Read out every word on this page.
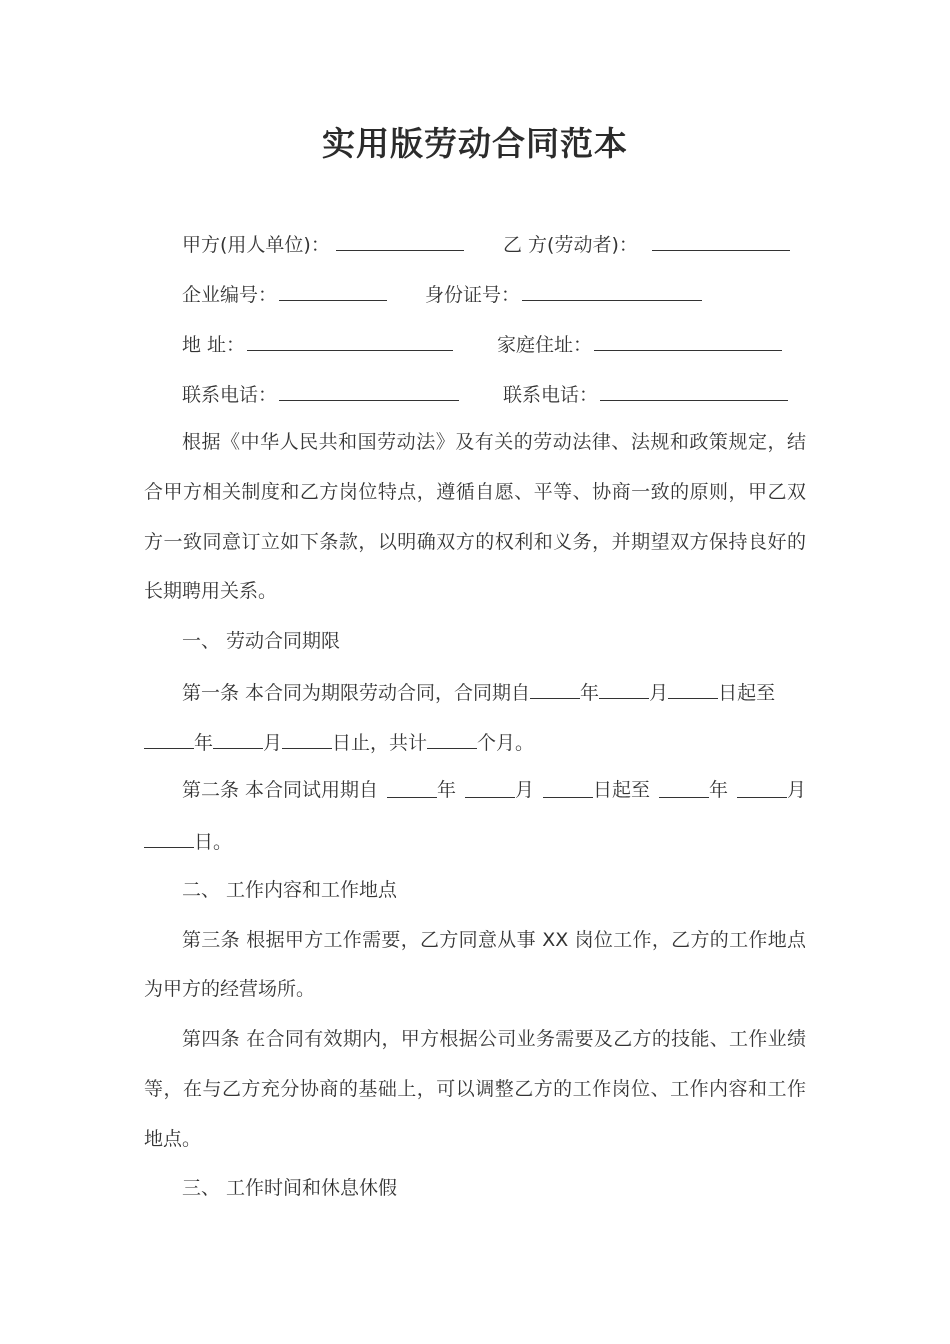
实用版劳动合同范本
甲方(用人单位)：	乙 方(劳动者)：
企业编号：	身份证号：
地 址：	家庭住址：
联系电话：	联系电话：
根据《中华人民共和国劳动法》及有关的劳动法律、法规和政策规定，结
合甲方相关制度和乙方岗位特点，遵循自愿、平等、协商一致的原则，甲乙双
方一致同意订立如下条款，以明确双方的权利和义务，并期望双方保持良好的
长期聘用关系。
一、 劳动合同期限
第一条 本合同为期限劳动合同，合同期自	年	月	日起至
年	月	日止，共计	个月。
第二条 本合同试用期自	年	月	日起至	年	月
日。
二、 工作内容和工作地点
第三条 根据甲方工作需要，乙方同意从事 XX 岗位工作，乙方的工作地点
为甲方的经营场所。
第四条 在合同有效期内，甲方根据公司业务需要及乙方的技能、工作业绩
等，在与乙方充分协商的基础上，可以调整乙方的工作岗位、工作内容和工作
地点。
三、 工作时间和休息休假
